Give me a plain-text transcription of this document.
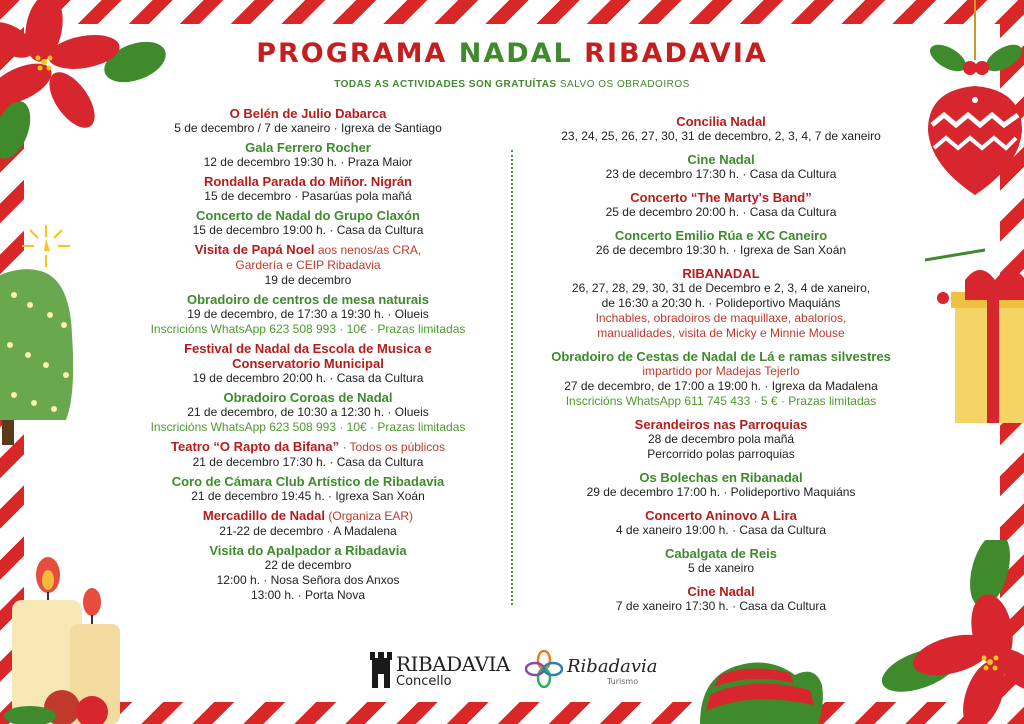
PROGRAMA NADAL RIBADAVIA
TODAS AS ACTIVIDADES SON GRATUÍTAS SALVO OS OBRADOIROS
O Belén de Julio Dabarca
5 de decembro / 7 de xaneiro · Igrexa de Santiago
Gala Ferrero Rocher
12 de decembro 19:30 h. · Praza Maior
Rondalla Parada do Miñor. Nigrán
15 de decembro · Pasarúas pola mañá
Concerto de Nadal do Grupo Claxón
15 de decembro 19:00 h. · Casa da Cultura
Visita de Papá Noel aos nenos/as CRA,
Gardería e CEIP Ribadavia
19 de decembro
Obradoiro de centros de mesa naturais
19 de decembro, de 17:30 a 19:30 h. · Olueis
Inscricións WhatsApp 623 508 993 · 10€ · Prazas limitadas
Festival de Nadal da Escola de Musica e
Conservatorio Municipal
19 de decembro 20:00 h. · Casa da Cultura
Obradoiro Coroas de Nadal
21 de decembro, de 10:30 a 12:30 h. · Olueis
Inscricións WhatsApp 623 508 993 · 10€ · Prazas limitadas
Teatro “O Rapto da Bifana” · Todos os públicos
21 de decembro 17:30 h. · Casa da Cultura
Coro de Cámara Club Artístico de Ribadavia
21 de decembro 19:45 h. · Igrexa San Xoán
Mercadillo de Nadal (Organiza EAR)
21-22 de decembro · A Madalena
Visita do Apalpador a Ribadavia
22 de decembro
12:00 h. · Nosa Señora dos Anxos
13:00 h. · Porta Nova
Concilia Nadal
23, 24, 25, 26, 27, 30, 31 de decembro, 2, 3, 4, 7 de xaneiro
Cine Nadal
23 de decembro 17:30 h. · Casa da Cultura
Concerto “The Marty's Band”
25 de decembro 20:00 h. · Casa da Cultura
Concerto Emilio Rúa e XC Caneiro
26 de decembro 19:30 h. · Igrexa de San Xoán
RIBANADAL
26, 27, 28, 29, 30, 31 de Decembro e 2, 3, 4 de xaneiro,
de 16:30 a 20:30 h. · Polideportivo Maquiáns
Inchables, obradoiros de maquillaxe, abalorios,
manualidades, visita de Micky e Minnie Mouse
Obradoiro de Cestas de Nadal de Lá e ramas silvestres
impartido por Madejas Tejerlo
27 de decembro, de 17:00 a 19:00 h. · Igrexa da Madalena
Inscricións WhatsApp 611 745 433 · 5 € · Prazas limitadas
Serandeiros nas Parroquias
28 de decembro pola mañá
Percorrido polas parroquias
Os Bolechas en Ribanadal
29 de decembro 17:00 h. · Polideportivo Maquiáns
Concerto Aninovo A Lira
4 de xaneiro 19:00 h. · Casa da Cultura
Cabalgata de Reis
5 de xaneiro
Cine Nadal
7 de xaneiro 17:30 h. · Casa da Cultura
RIBADAVIA
Concello
Ribadavia
Turismo
